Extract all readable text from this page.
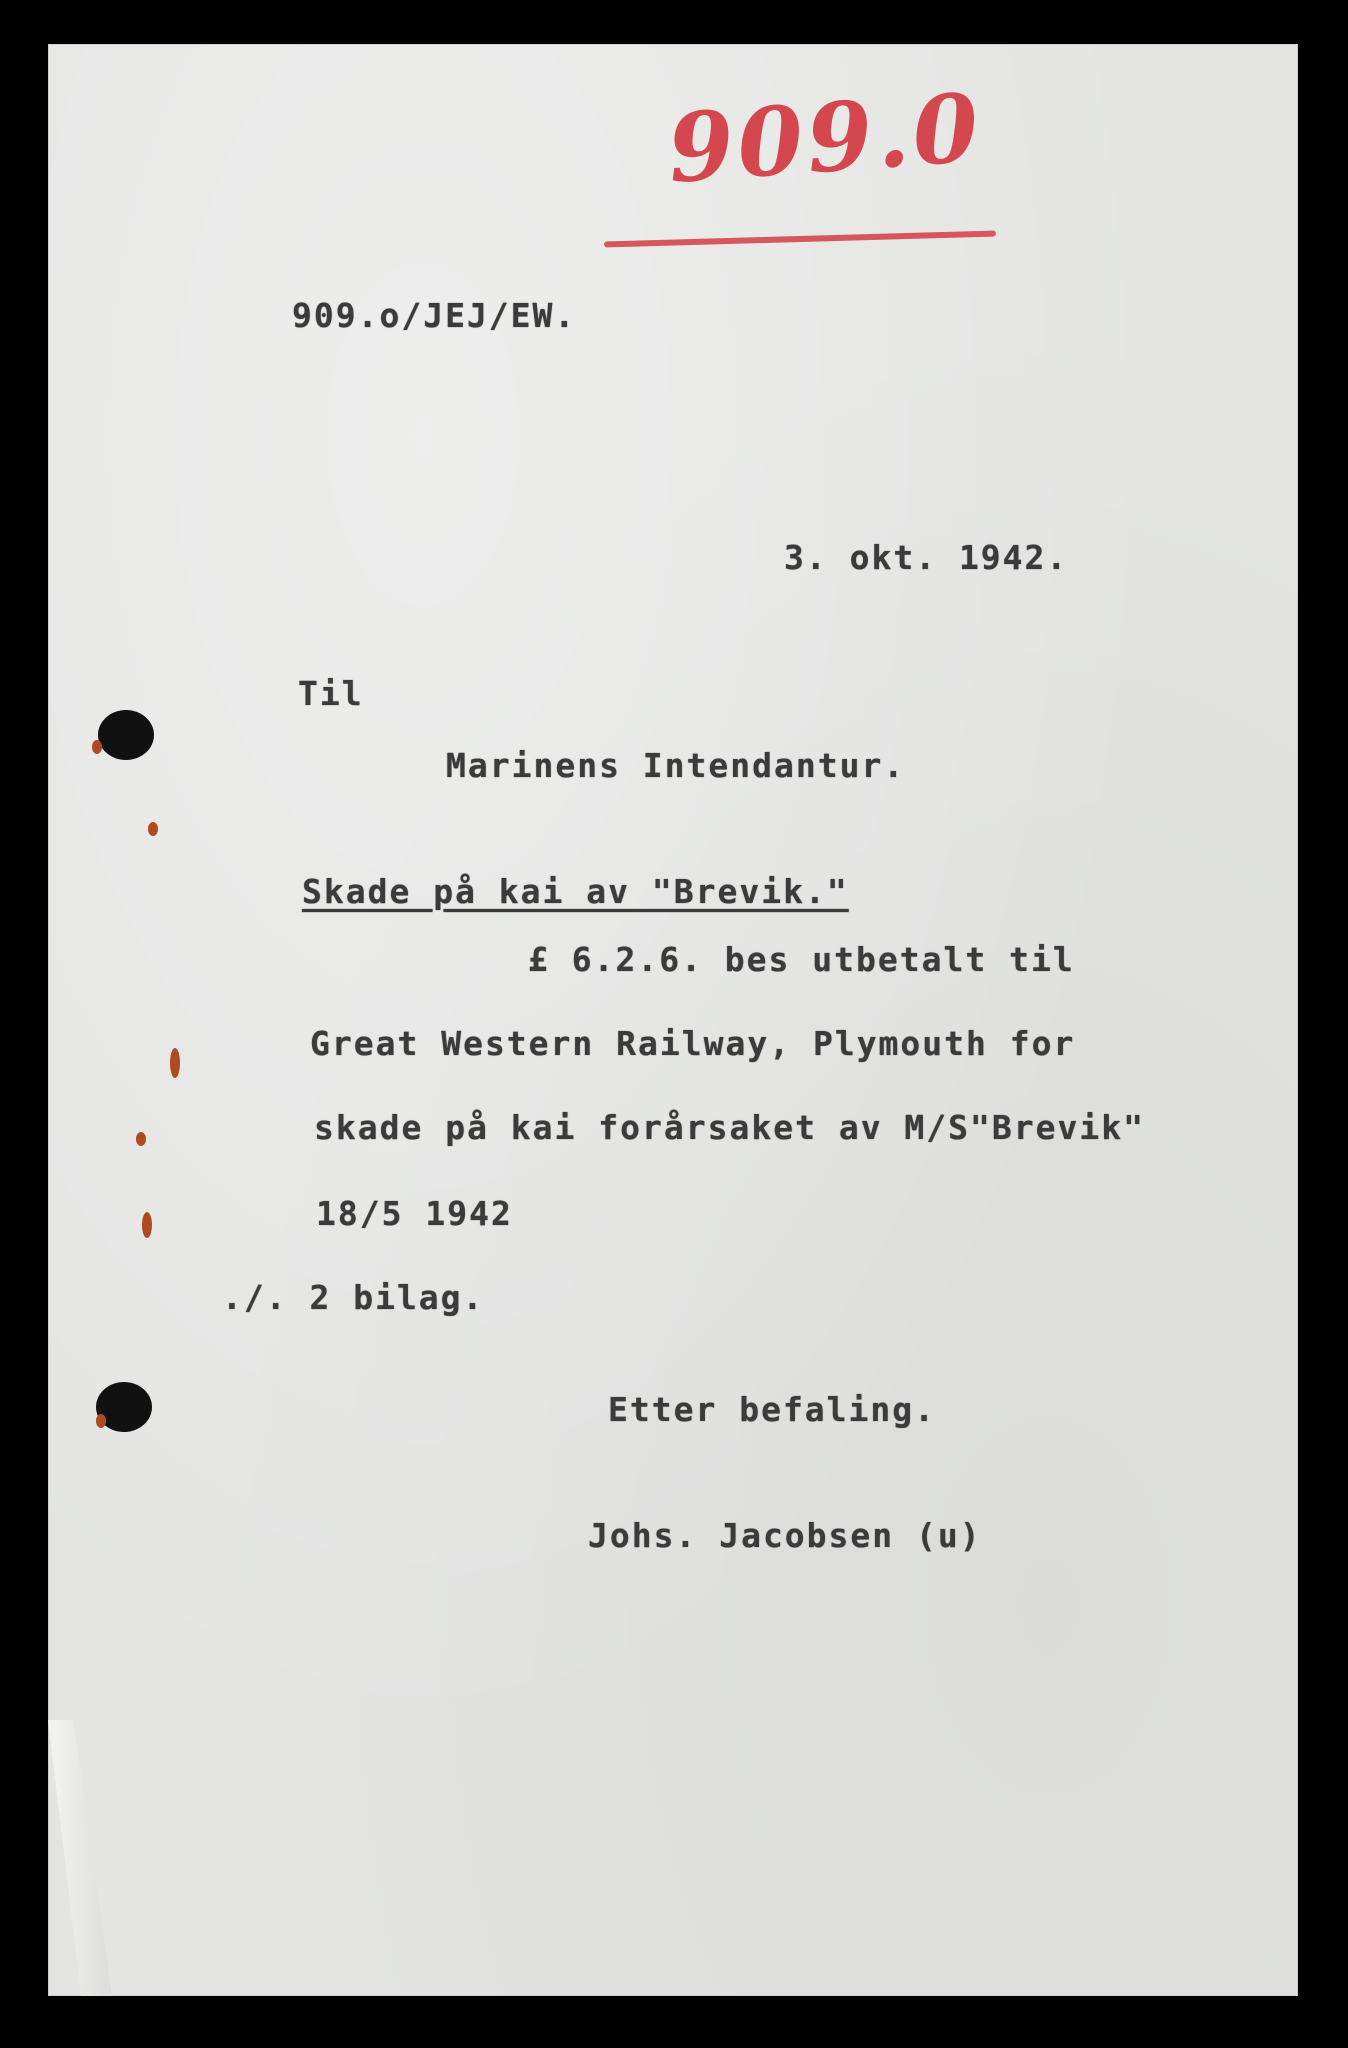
909.0
909.o/JEJ/EW.
3. okt. 1942.
Til
Marinens Intendantur.
Skade på kai av "Brevik."
£ 6.2.6. bes utbetalt til
Great Western Railway, Plymouth for
skade på kai forårsaket av M/S"Brevik"
18/5 1942
./. 2 bilag.
Etter befaling.
Johs. Jacobsen (u)
